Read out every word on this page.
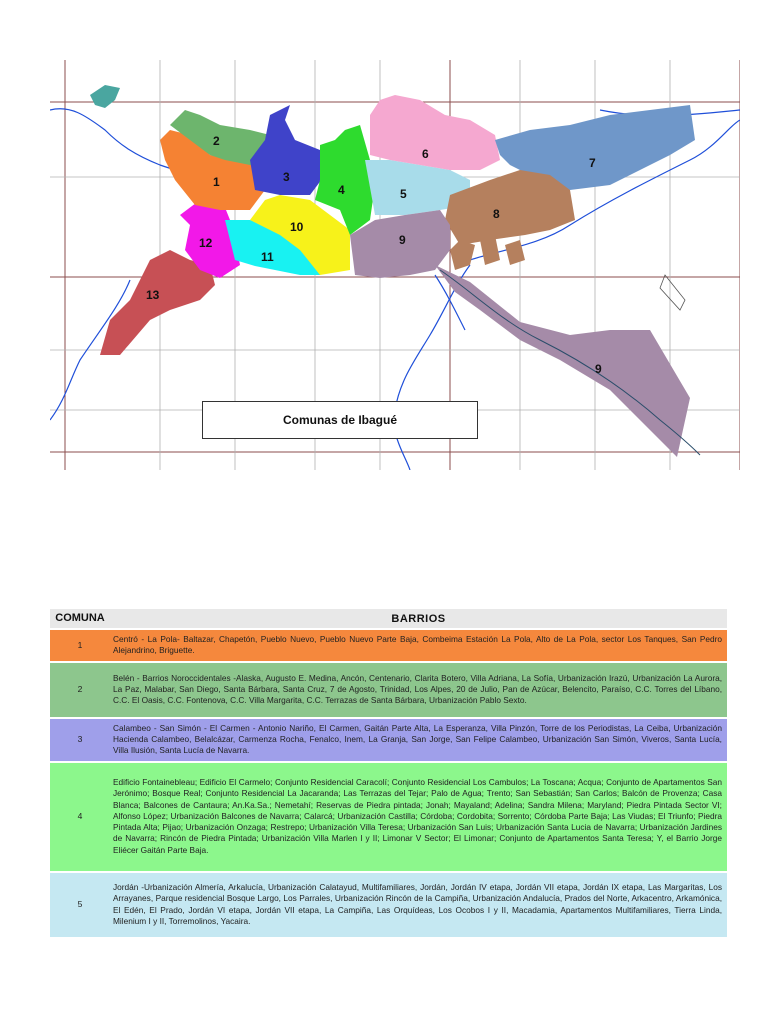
1
2
3
4	5
6
7
8
9
10
11
12
13
9
Comunas de Ibagué
COMUNA	BARRIOS
1	Centró - La Pola- Baltazar, Chapetón, Pueblo Nuevo, Pueblo Nuevo Parte Baja, Combeima Estación La Pola, Alto de La Pola, sector Los Tanques, San Pedro Alejandrino, Briguette.
2	Belén - Barrios Noroccidentales -Alaska, Augusto E. Medina, Ancón, Centenario, Clarita Botero, Villa Adriana, La Sofía, Urbanización Irazú, Urbanización La Aurora, La Paz, Malabar, San Diego, Santa Bárbara, Santa Cruz, 7 de Agosto, Trinidad, Los Alpes, 20 de Julio, Pan de Azúcar, Belencito, Paraíso, C.C. Torres del Líbano, C.C. El Oasis, C.C. Fontenova, C.C. Villa Margarita, C.C. Terrazas de Santa Bárbara, Urbanización Pablo Sexto.
3	Calambeo - San Simón - El Carmen - Antonio Nariño, El Carmen, Gaitán Parte Alta, La Esperanza, Villa Pinzón, Torre de los Periodistas, La Ceiba, Urbanización Hacienda Calambeo, Belalcázar, Carmenza Rocha, Fenalco, Inem, La Granja, San Jorge, San Felipe Calambeo, Urbanización San Simón, Viveros, Santa Lucía, Villa Ilusión, Santa Lucía de Navarra.
4	Edificio Fontainebleau; Edificio El Carmelo; Conjunto Residencial Caracolí; Conjunto Residencial Los Cambulos; La Toscana; Acqua; Conjunto de Apartamentos San Jerónimo; Bosque Real; Conjunto Residencial La Jacaranda; Las Terrazas del Tejar; Palo de Agua; Trento; San Sebastián; San Carlos; Balcón de Provenza; Casa Blanca; Balcones de Cantaura; An.Ka.Sa.; Nemetahí; Reservas de Piedra pintada; Jonah; Mayaland; Adelina; Sandra Milena; Maryland; Piedra Pintada Sector VI; Alfonso López; Urbanización Balcones de Navarra; Calarcá; Urbanización Castilla; Córdoba; Cordobita; Sorrento; Córdoba Parte Baja; Las Viudas; El Triunfo; Piedra Pintada Alta; Pijao; Urbanización Onzaga; Restrepo; Urbanización Villa Teresa; Urbanización San Luis; Urbanización Santa Lucia de Navarra; Urbanización Jardines de Navarra; Rincón de Piedra Pintada; Urbanización Villa Marlen I y II; Limonar V Sector; El Limonar; Conjunto de Apartamentos Santa Teresa; Y, el Barrio Jorge Eliécer Gaitán Parte Baja.
5	Jordán -Urbanización Almería, Arkalucía, Urbanización Calatayud, Multifamiliares, Jordán, Jordán IV etapa, Jordán VII etapa, Jordán IX etapa, Las Margaritas, Los Arrayanes, Parque residencial Bosque Largo, Los Parrales, Urbanización Rincón de la Campiña, Urbanización Andalucía, Prados del Norte, Arkacentro, Arkamónica, El Edén, El Prado, Jordán VI etapa, Jordán VII etapa, La Campiña, Las Orquídeas, Los Ocobos I y II, Macadamia, Apartamentos Multifamiliares, Tierra Linda, Milenium I y II, Torremolinos, Yacaira.
